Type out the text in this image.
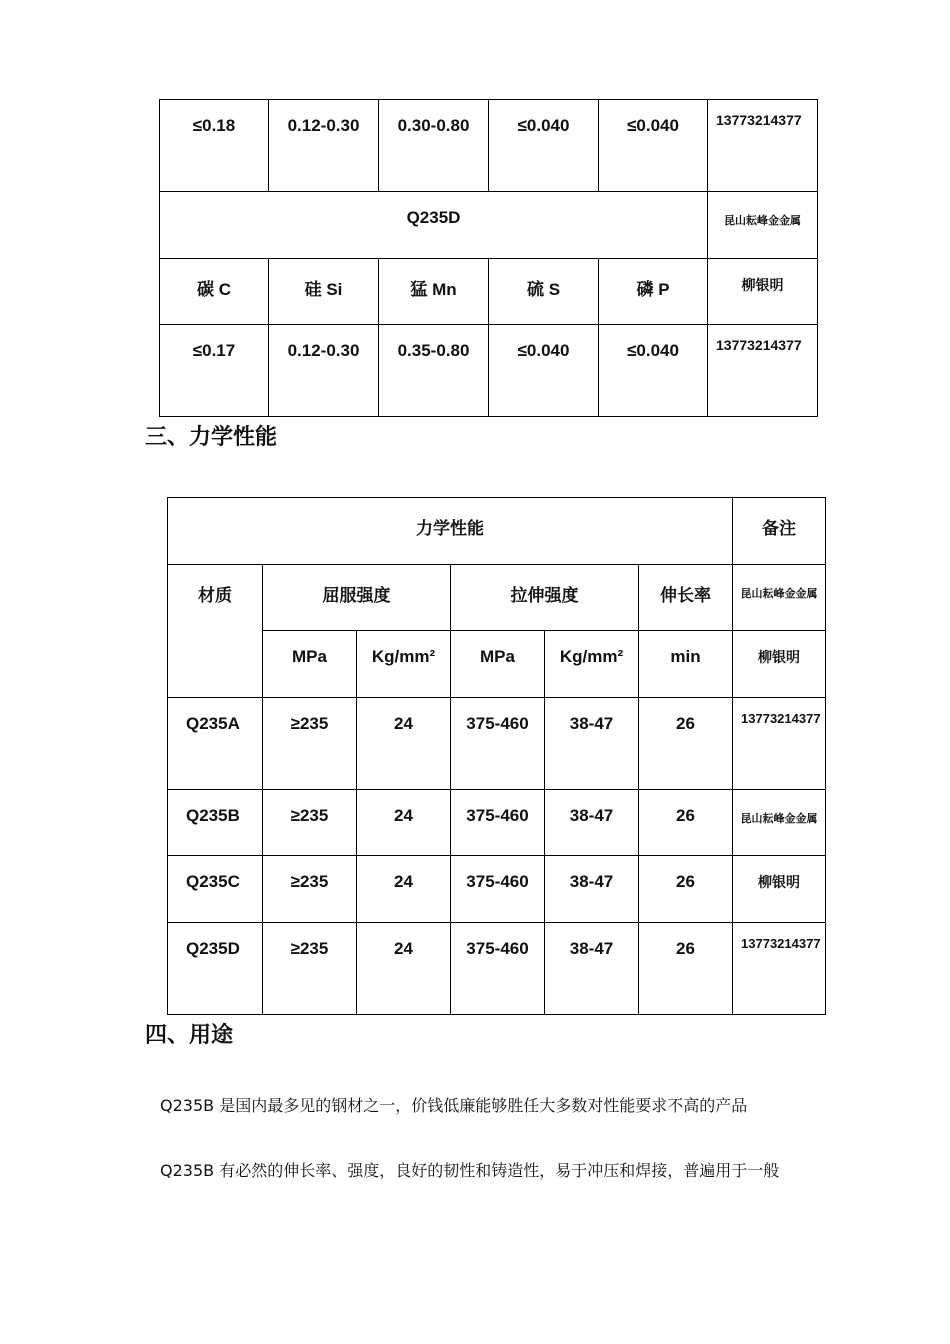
≤0.18	0.12-0.30	0.30-0.80	≤0.040	≤0.040	13773214377

Q235D					昆山耘峰金金属
碳 C	硅 Si	猛 Mn	硫 S	磷 P	柳银明
≤0.17	0.12-0.30	0.35-0.80	≤0.040	≤0.040	13773214377
三、力学性能
力学性能						备注
材质	屈服强度		拉伸强度		伸长率	昆山耘峰金金属
	MPa	Kg/mm²	MPa	Kg/mm²	min	柳银明
Q235A	≥235	24	375-460	38-47	26	13773214377

Q235B	≥235	24	375-460	38-47	26	昆山耘峰金金属
Q235C	≥235	24	375-460	38-47	26	柳银明
Q235D	≥235	24	375-460	38-47	26	13773214377
四、用途
Q235B 是国内最多见的钢材之一，价钱低廉能够胜任大多数对性能要求不高的产品
Q235B 有必然的伸长率、强度，良好的韧性和铸造性，易于冲压和焊接，普遍用于一般
